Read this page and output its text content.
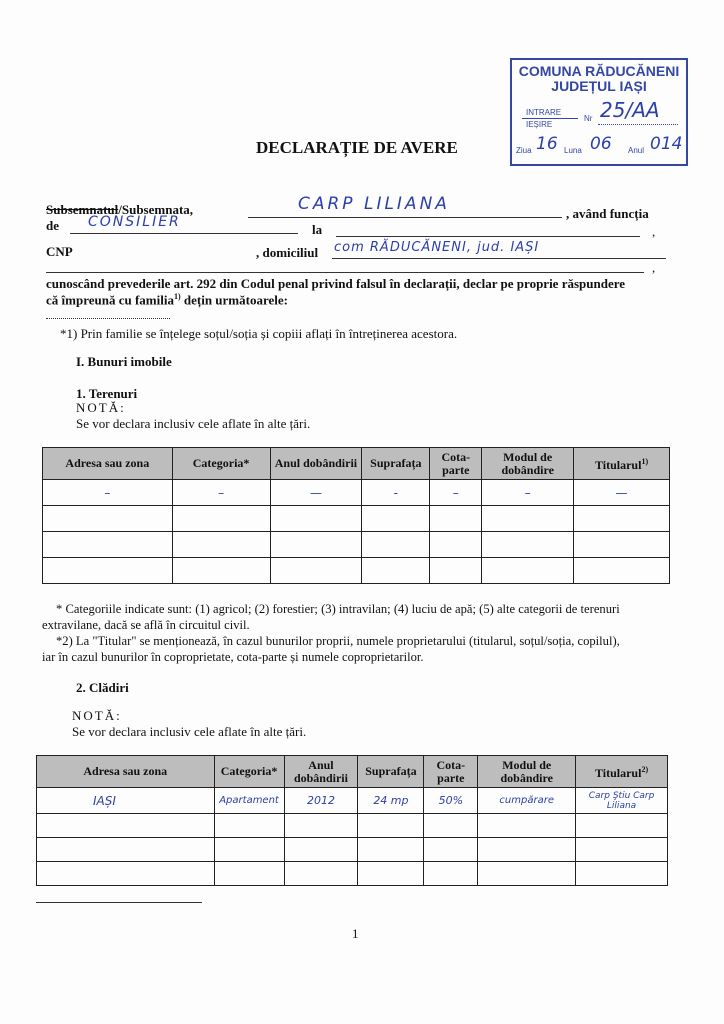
COMUNA RĂDUCĂNENI
JUDEȚUL IAȘI
INTRARE
IEȘIRE
Nr 25/AA
Ziua 16 Luna 06 Anul 014
DECLARAȚIE DE AVERE
Subsemnatul/Subsemnata,	CARP LILIANA	, având funcția
de CONSILIER	la	,
CNP	, domiciliul com RĂDUCĂNENI, jud. IAȘI
,
cunoscând prevederile art. 292 din Codul penal privind falsul în declarații, declar pe proprie răspundere
că împreună cu familia$^{1)}$ dețin următoarele:
*1) Prin familie se înțelege soțul/soția și copiii aflați în întreținerea acestora.
I. Bunuri imobile
1. Terenuri
NOTĂ:
Se vor declara inclusiv cele aflate în alte țări.
Adresa sau zona	Categoria*	Anul dobândirii	Suprafața	Cota-parte	Modul de dobândire	Titularul$^{1)}$
–	–	—	-	–	–	—

* Categoriile indicate sunt: (1) agricol; (2) forestier; (3) intravilan; (4) luciu de apă; (5) alte categorii de terenuri
extravilane, dacă se află în circuitul civil.
*2) La "Titular" se menționează, în cazul bunurilor proprii, numele proprietarului (titularul, soțul/soția, copilul),
iar în cazul bunurilor în coproprietate, cota-parte și numele coproprietarilor.
2. Clădiri
NOTĂ:
Se vor declara inclusiv cele aflate în alte țări.
Adresa sau zona	Categoria*	Anul dobândirii	Suprafața	Cota-parte	Modul de dobândire	Titularul$^{2)}$
IAȘI	Apartament	2012	24 mp	50%	cumpărare	Carp Ştiu Carp Liliana

1
